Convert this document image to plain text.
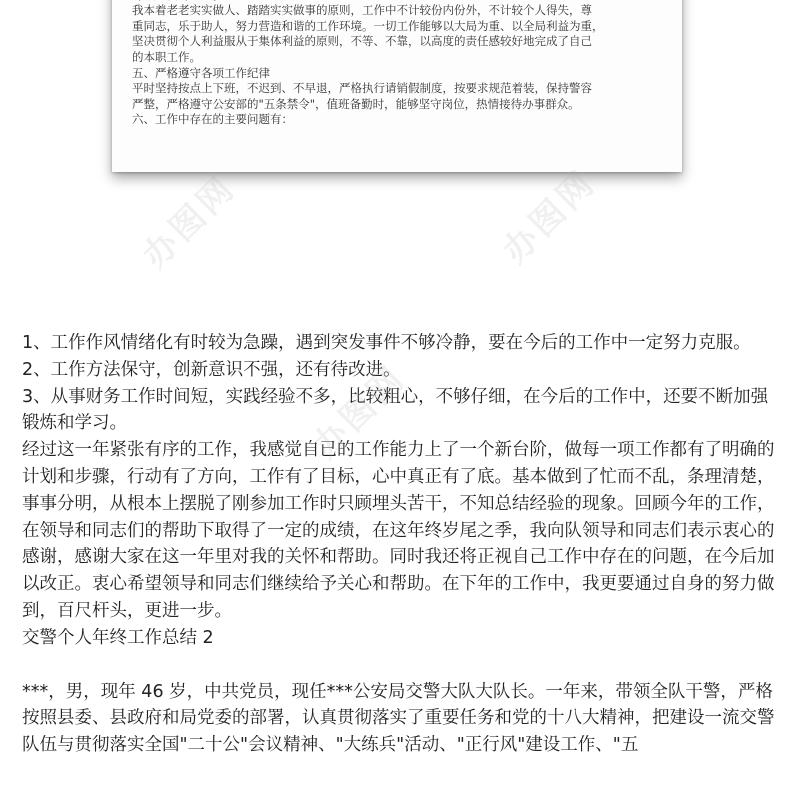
我本着老老实实做人、踏踏实实做事的原则，工作中不计较份内份外，不计较个人得失，尊

重同志，乐于助人，努力营造和谐的工作环境。一切工作能够以大局为重、以全局利益为重，

坚决贯彻个人利益服从于集体利益的原则，不等、不靠，以高度的责任感较好地完成了自己

的本职工作。

五、严格遵守各项工作纪律

平时坚持按点上下班，不迟到、不早退，严格执行请销假制度，按要求规范着装，保持警容

严整，严格遵守公安部的"五条禁令"，值班备勤时，能够坚守岗位，热情接待办事群众。

六、工作中存在的主要问题有：

1、工作作风情绪化有时较为急躁，遇到突发事件不够冷静，要在今后的工作中一定努力克服。

2、工作方法保守，创新意识不强，还有待改进。

3、从事财务工作时间短，实践经验不多，比较粗心，不够仔细，在今后的工作中，还要不断加强锻炼和学习。

经过这一年紧张有序的工作，我感觉自已的工作能力上了一个新台阶，做每一项工作都有了明确的计划和步骤，行动有了方向，工作有了目标，心中真正有了底。基本做到了忙而不乱，条理清楚，事事分明，从根本上摆脱了刚参加工作时只顾埋头苦干，不知总结经验的现象。回顾今年的工作，在领导和同志们的帮助下取得了一定的成绩，在这年终岁尾之季，我向队领导和同志们表示衷心的感谢，感谢大家在这一年里对我的关怀和帮助。同时我还将正视自己工作中存在的问题，在今后加以改正。衷心希望领导和同志们继续给予关心和帮助。在下年的工作中，我更要通过自身的努力做到，百尺杆头，更进一步。

交警个人年终工作总结 2

***，男，现年 46 岁，中共党员，现任***公安局交警大队大队长。一年来，带领全队干警，严格按照县委、县政府和局党委的部署，认真贯彻落实了重要任务和党的十八大精神，把建设一流交警队伍与贯彻落实全国"二十公"会议精神、"大练兵"活动、"正行风"建设工作、"五

办图网	办图网
办图网
